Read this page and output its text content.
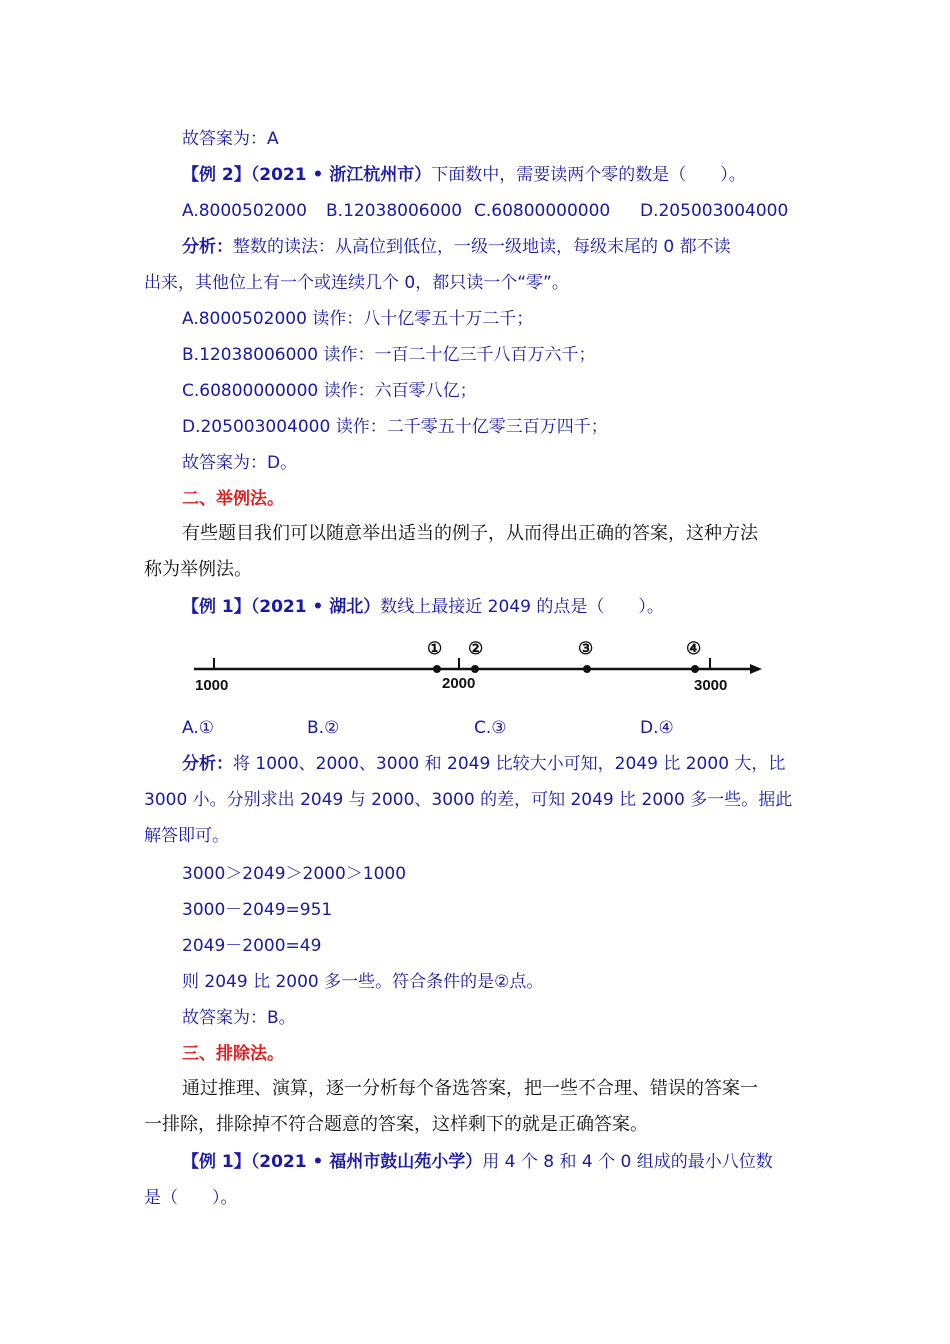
故答案为：A
【例 2】（2021 • 浙江杭州市）下面数中，需要读两个零的数是（　　）。
A.8000502000 B.12038006000 C.60800000000 D.205003004000
分析：整数的读法：从高位到低位，一级一级地读，每级末尾的 0 都不读
出来，其他位上有一个或连续几个 0，都只读一个“零”。
A.8000502000 读作：八十亿零五十万二千；
B.12038006000 读作：一百二十亿三千八百万六千；
C.60800000000 读作：六百零八亿；
D.205003004000 读作：二千零五十亿零三百万四千；
故答案为：D。
二、举例法。
有些题目我们可以随意举出适当的例子，从而得出正确的答案，这种方法
称为举例法。
【例 1】（2021 • 湖北）数线上最接近 2049 的点是（　　）。
1000	2000	3000
① ②	③	④
A.①	B.②	C.③	D.④
分析：将 1000、2000、3000 和 2049 比较大小可知，2049 比 2000 大，比
3000 小。分别求出 2049 与 2000、3000 的差，可知 2049 比 2000 多一些。据此
解答即可。
3000＞2049＞2000＞1000
3000－2049=951
2049－2000=49
则 2049 比 2000 多一些。符合条件的是②点。
故答案为：B。
三、排除法。
通过推理、演算，逐一分析每个备选答案，把一些不合理、错误的答案一
一排除，排除掉不符合题意的答案，这样剩下的就是正确答案。
【例 1】（2021 • 福州市鼓山苑小学）用 4 个 8 和 4 个 0 组成的最小八位数
是（　　）。
